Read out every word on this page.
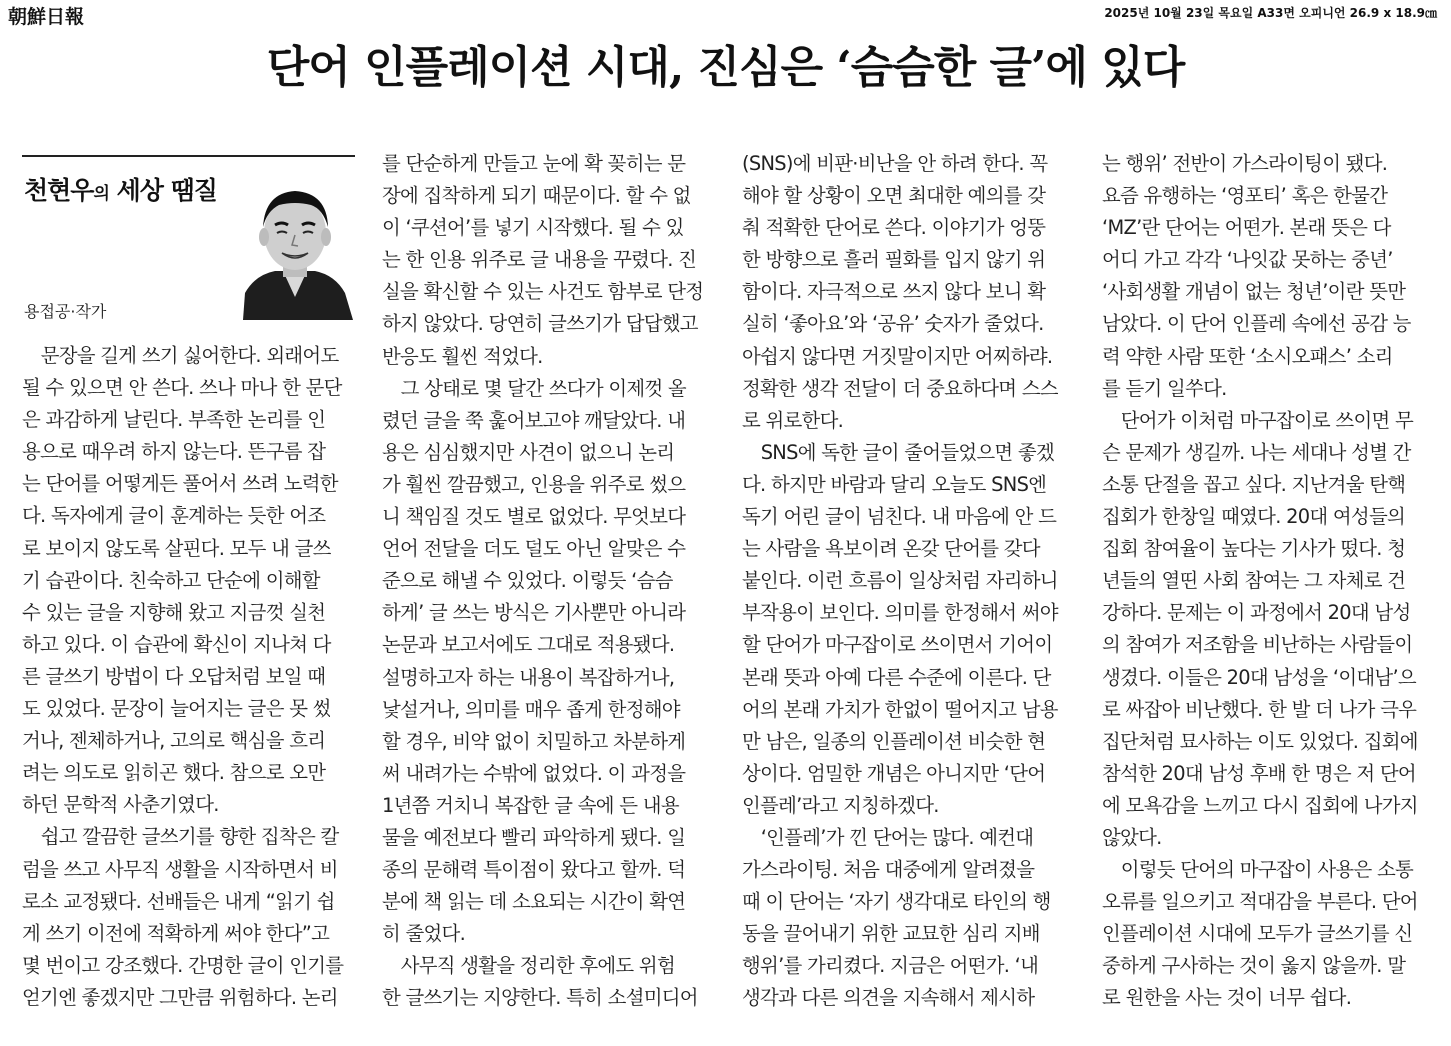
朝鮮日報	2025년 10월 23일 목요일 A33면 오피니언 26.9 x 18.9㎝
단어 인플레이션 시대, 진심은 ‘슴슴한 글’에 있다
천현우의 세상 땜질
용접공·작가
　문장을 길게 쓰기 싫어한다. 외래어도
될 수 있으면 안 쓴다. 쓰나 마나 한 문단
은 과감하게 날린다. 부족한 논리를 인
용으로 때우려 하지 않는다. 뜬구름 잡
는 단어를 어떻게든 풀어서 쓰려 노력한
다. 독자에게 글이 훈계하는 듯한 어조
로 보이지 않도록 살핀다. 모두 내 글쓰
기 습관이다. 친숙하고 단순에 이해할
수 있는 글을 지향해 왔고 지금껏 실천
하고 있다. 이 습관에 확신이 지나쳐 다
른 글쓰기 방법이 다 오답처럼 보일 때
도 있었다. 문장이 늘어지는 글은 못 썼
거나, 젠체하거나, 고의로 핵심을 흐리
려는 의도로 읽히곤 했다. 참으로 오만
하던 문학적 사춘기였다.
　쉽고 깔끔한 글쓰기를 향한 집착은 칼
럼을 쓰고 사무직 생활을 시작하면서 비
로소 교정됐다. 선배들은 내게 “읽기 쉽
게 쓰기 이전에 적확하게 써야 한다”고
몇 번이고 강조했다. 간명한 글이 인기를
얻기엔 좋겠지만 그만큼 위험하다. 논리
를 단순하게 만들고 눈에 확 꽂히는 문
장에 집착하게 되기 때문이다. 할 수 없
이 ‘쿠션어’를 넣기 시작했다. 될 수 있
는 한 인용 위주로 글 내용을 꾸렸다. 진
실을 확신할 수 있는 사건도 함부로 단정
하지 않았다. 당연히 글쓰기가 답답했고
반응도 훨씬 적었다.
　그 상태로 몇 달간 쓰다가 이제껏 올
렸던 글을 쭉 훑어보고야 깨달았다. 내
용은 심심했지만 사견이 없으니 논리
가 훨씬 깔끔했고, 인용을 위주로 썼으
니 책임질 것도 별로 없었다. 무엇보다
언어 전달을 더도 덜도 아닌 알맞은 수
준으로 해낼 수 있었다. 이렇듯 ‘슴슴
하게’ 글 쓰는 방식은 기사뿐만 아니라
논문과 보고서에도 그대로 적용됐다.
설명하고자 하는 내용이 복잡하거나,
낯설거나, 의미를 매우 좁게 한정해야
할 경우, 비약 없이 치밀하고 차분하게
써 내려가는 수밖에 없었다. 이 과정을
1년쯤 거치니 복잡한 글 속에 든 내용
물을 예전보다 빨리 파악하게 됐다. 일
종의 문해력 특이점이 왔다고 할까. 덕
분에 책 읽는 데 소요되는 시간이 확연
히 줄었다.
　사무직 생활을 정리한 후에도 위험
한 글쓰기는 지양한다. 특히 소셜미디어
(SNS)에 비판·비난을 안 하려 한다. 꼭
해야 할 상황이 오면 최대한 예의를 갖
춰 적확한 단어로 쓴다. 이야기가 엉뚱
한 방향으로 흘러 필화를 입지 않기 위
함이다. 자극적으로 쓰지 않다 보니 확
실히 ‘좋아요’와 ‘공유’ 숫자가 줄었다.
아쉽지 않다면 거짓말이지만 어찌하랴.
정확한 생각 전달이 더 중요하다며 스스
로 위로한다.
　SNS에 독한 글이 줄어들었으면 좋겠
다. 하지만 바람과 달리 오늘도 SNS엔
독기 어린 글이 넘친다. 내 마음에 안 드
는 사람을 욕보이려 온갖 단어를 갖다
붙인다. 이런 흐름이 일상처럼 자리하니
부작용이 보인다. 의미를 한정해서 써야
할 단어가 마구잡이로 쓰이면서 기어이
본래 뜻과 아예 다른 수준에 이른다. 단
어의 본래 가치가 한없이 떨어지고 남용
만 남은, 일종의 인플레이션 비슷한 현
상이다. 엄밀한 개념은 아니지만 ‘단어
인플레’라고 지칭하겠다.
　‘인플레’가 낀 단어는 많다. 예컨대
가스라이팅. 처음 대중에게 알려졌을
때 이 단어는 ‘자기 생각대로 타인의 행
동을 끌어내기 위한 교묘한 심리 지배
행위’를 가리켰다. 지금은 어떤가. ‘내
생각과 다른 의견을 지속해서 제시하
는 행위’ 전반이 가스라이팅이 됐다.
요즘 유행하는 ‘영포티’ 혹은 한물간
‘MZ’란 단어는 어떤가. 본래 뜻은 다
어디 가고 각각 ‘나잇값 못하는 중년’
‘사회생활 개념이 없는 청년’이란 뜻만
남았다. 이 단어 인플레 속에선 공감 능
력 약한 사람 또한 ‘소시오패스’ 소리
를 듣기 일쑤다.
　단어가 이처럼 마구잡이로 쓰이면 무
슨 문제가 생길까. 나는 세대나 성별 간
소통 단절을 꼽고 싶다. 지난겨울 탄핵
집회가 한창일 때였다. 20대 여성들의
집회 참여율이 높다는 기사가 떴다. 청
년들의 열띤 사회 참여는 그 자체로 건
강하다. 문제는 이 과정에서 20대 남성
의 참여가 저조함을 비난하는 사람들이
생겼다. 이들은 20대 남성을 ‘이대남’으
로 싸잡아 비난했다. 한 발 더 나가 극우
집단처럼 묘사하는 이도 있었다. 집회에
참석한 20대 남성 후배 한 명은 저 단어
에 모욕감을 느끼고 다시 집회에 나가지
않았다.
　이렇듯 단어의 마구잡이 사용은 소통
오류를 일으키고 적대감을 부른다. 단어
인플레이션 시대에 모두가 글쓰기를 신
중하게 구사하는 것이 옳지 않을까. 말
로 원한을 사는 것이 너무 쉽다.
